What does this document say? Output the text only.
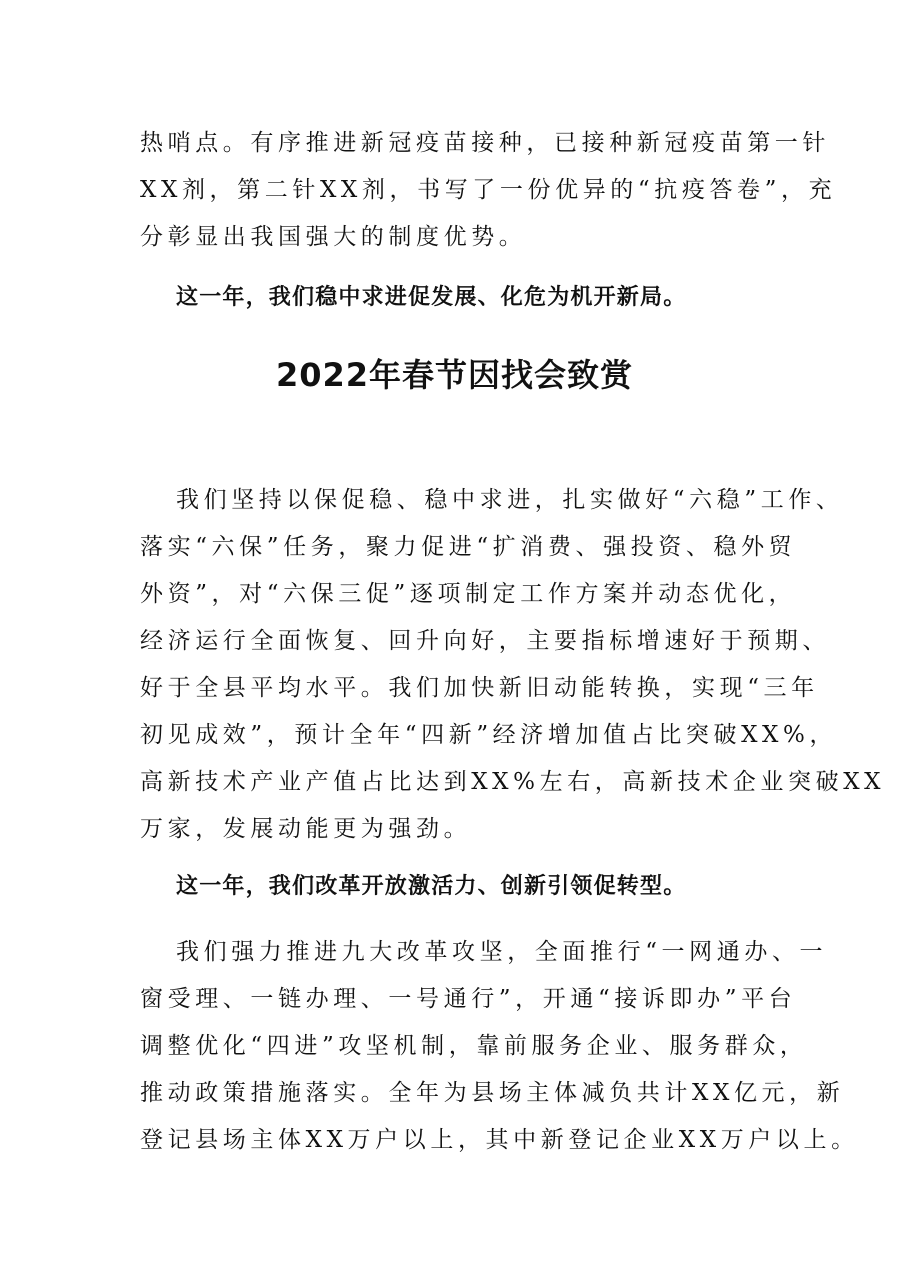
热哨点。有序推进新冠疫苗接种，已接种新冠疫苗第一针
XX剂，第二针XX剂，书写了一份优异的“抗疫答卷”，充
分彰显出我国强大的制度优势。
这一年，我们稳中求进促发展、化危为机开新局。
2022年春节因找会致赏
我们坚持以保促稳、稳中求进，扎实做好“六稳”工作、
落实“六保”任务，聚力促进“扩消费、强投资、稳外贸
外资”，对“六保三促”逐项制定工作方案并动态优化，
经济运行全面恢复、回升向好，主要指标增速好于预期、
好于全县平均水平。我们加快新旧动能转换，实现“三年
初见成效”，预计全年“四新”经济增加值占比突破XX%，
高新技术产业产值占比达到XX%左右，高新技术企业突破XX
万家，发展动能更为强劲。
这一年，我们改革开放激活力、创新引领促转型。
我们强力推进九大改革攻坚，全面推行“一网通办、一
窗受理、一链办理、一号通行”，开通“接诉即办”平台
调整优化“四进”攻坚机制，靠前服务企业、服务群众，
推动政策措施落实。全年为县场主体减负共计XX亿元，新
登记县场主体XX万户以上，其中新登记企业XX万户以上。
